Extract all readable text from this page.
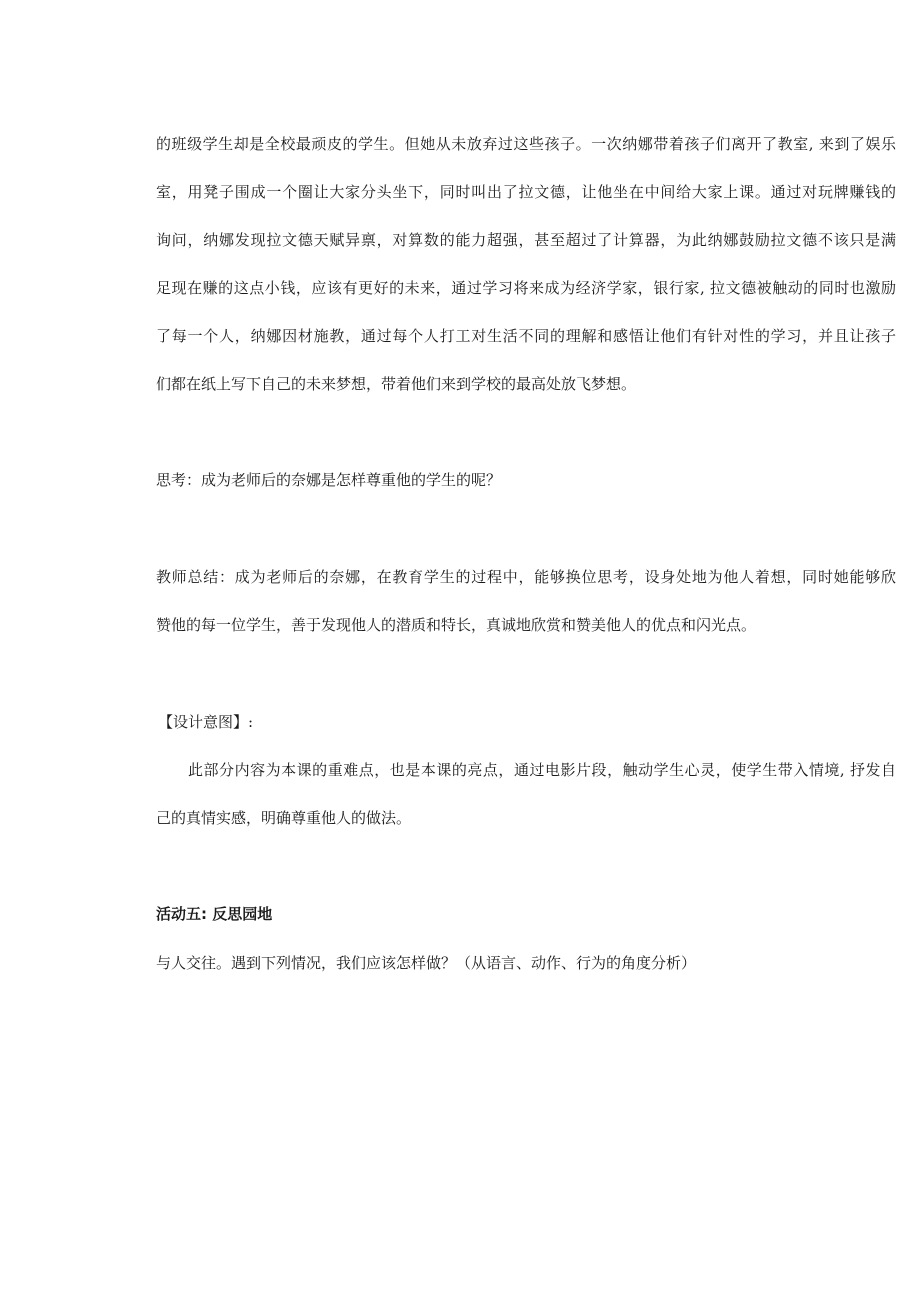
的班级学生却是全校最顽皮的学生。但她从未放弃过这些孩子。一次纳娜带着孩子们离开了教室, 来到了娱乐
室，用凳子围成一个圈让大家分头坐下，同时叫出了拉文德，让他坐在中间给大家上课。通过对玩牌赚钱的
询问，纳娜发现拉文德天赋异禀，对算数的能力超强，甚至超过了计算器，为此纳娜鼓励拉文德不该只是满
足现在赚的这点小钱，应该有更好的未来，通过学习将来成为经济学家，银行家, 拉文德被触动的同时也激励
了每一个人，纳娜因材施教，通过每个人打工对生活不同的理解和感悟让他们有针对性的学习，并且让孩子
们都在纸上写下自己的未来梦想，带着他们来到学校的最高处放飞梦想。
思考：成为老师后的奈娜是怎样尊重他的学生的呢？
教师总结：成为老师后的奈娜，在教育学生的过程中，能够换位思考，设身处地为他人着想，同时她能够欣
赞他的每一位学生，善于发现他人的潜质和特长，真诚地欣赏和赞美他人的优点和闪光点。
【设计意图】:
此部分内容为本课的重难点，也是本课的亮点，通过电影片段，触动学生心灵，使学生带入情境, 抒发自
己的真情实感，明确尊重他人的做法。
活动五: 反思园地
与人交往。遇到下列情况，我们应该怎样做？（从语言、动作、行为的角度分析）
